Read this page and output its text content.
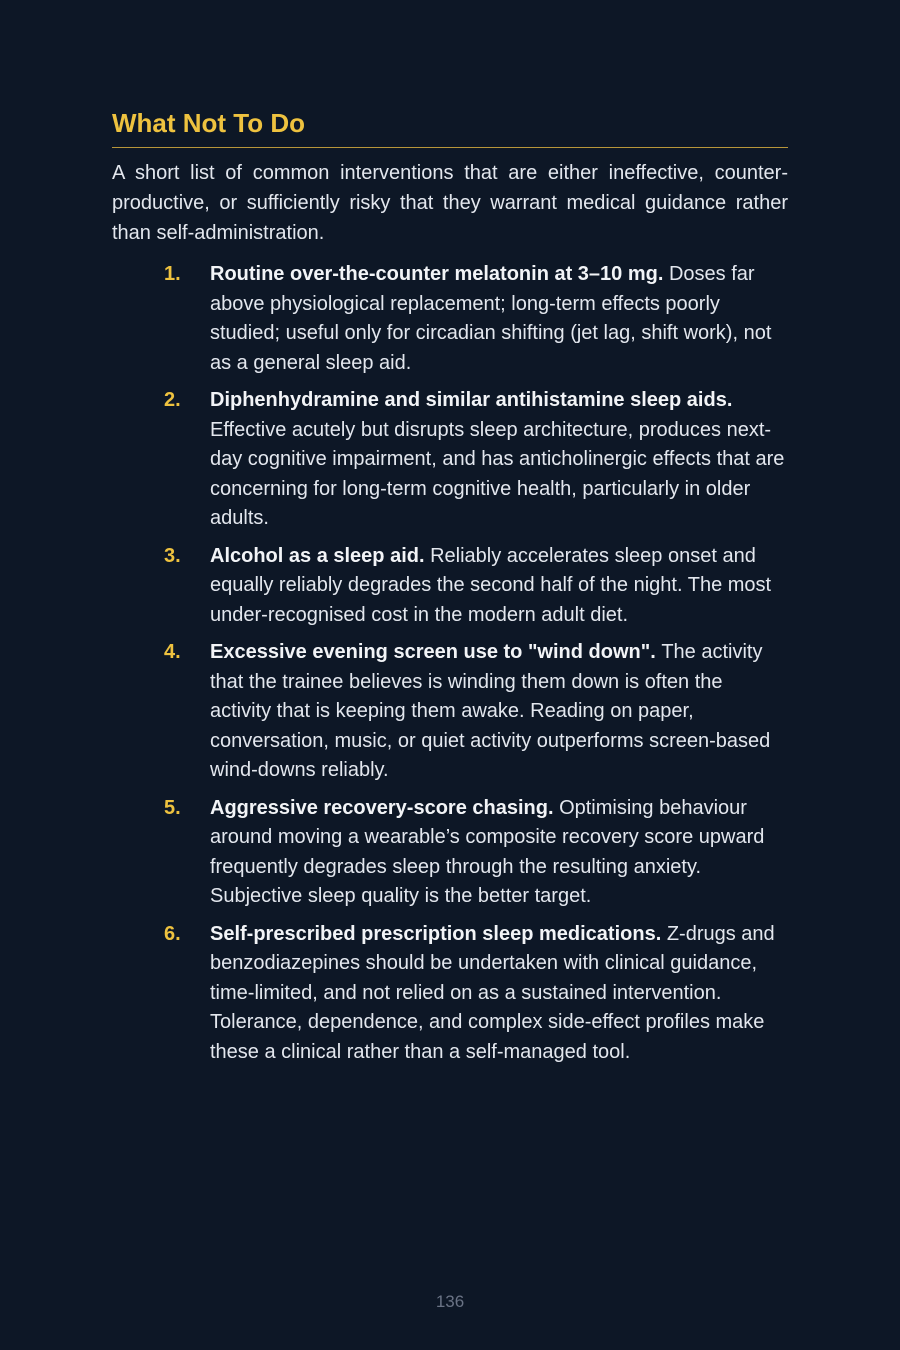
What Not To Do

A short list of common interventions that are either ineffective, counter-productive, or sufficiently risky that they warrant medical guidance rather than self-administration.

1. Routine over-the-counter melatonin at 3–10 mg. Doses far above physiological replacement; long-term effects poorly studied; useful only for circadian shifting (jet lag, shift work), not as a general sleep aid.
2. Diphenhydramine and similar antihistamine sleep aids. Effective acutely but disrupts sleep architecture, produces next-day cognitive impairment, and has anticholinergic effects that are concerning for long-term cognitive health, particularly in older adults.
3. Alcohol as a sleep aid. Reliably accelerates sleep onset and equally reliably degrades the second half of the night. The most under-recognised cost in the modern adult diet.
4. Excessive evening screen use to "wind down". The activity that the trainee believes is winding them down is often the activity that is keeping them awake. Reading on paper, conversation, music, or quiet activity outperforms screen-based wind-downs reliably.
5. Aggressive recovery-score chasing. Optimising behaviour around moving a wearable’s composite recovery score upward frequently degrades sleep through the resulting anxiety. Subjective sleep quality is the better target.
6. Self-prescribed prescription sleep medications. Z-drugs and benzodiazepines should be undertaken with clinical guidance, time-limited, and not relied on as a sustained intervention. Tolerance, dependence, and complex side-effect profiles make these a clinical rather than a self-managed tool.
136
